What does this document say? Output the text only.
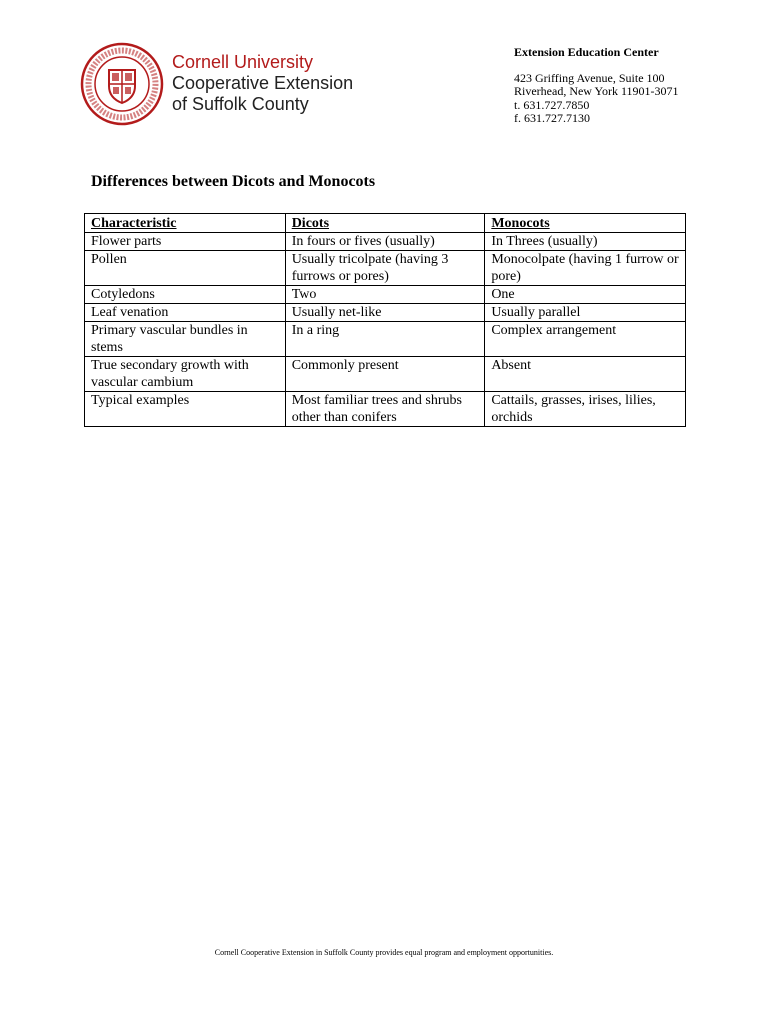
Cornell University
Cooperative Extension
of Suffolk County
Extension Education Center
423 Griffing Avenue, Suite 100
Riverhead, New York 11901-3071
t. 631.727.7850
f. 631.727.7130
Differences between Dicots and Monocots
Characteristic	Dicots	Monocots
Flower parts	In fours or fives (usually)	In Threes (usually)
Pollen	Usually tricolpate (having 3 furrows or pores)	Monocolpate (having 1 furrow or pore)
Cotyledons	Two	One
Leaf venation	Usually net-like	Usually parallel
Primary vascular bundles in stems	In a ring	Complex arrangement
True secondary growth with vascular cambium	Commonly present	Absent
Typical examples	Most familiar trees and shrubs other than conifers	Cattails, grasses, irises, lilies, orchids
Cornell Cooperative Extension in Suffolk County provides equal program and employment opportunities.
